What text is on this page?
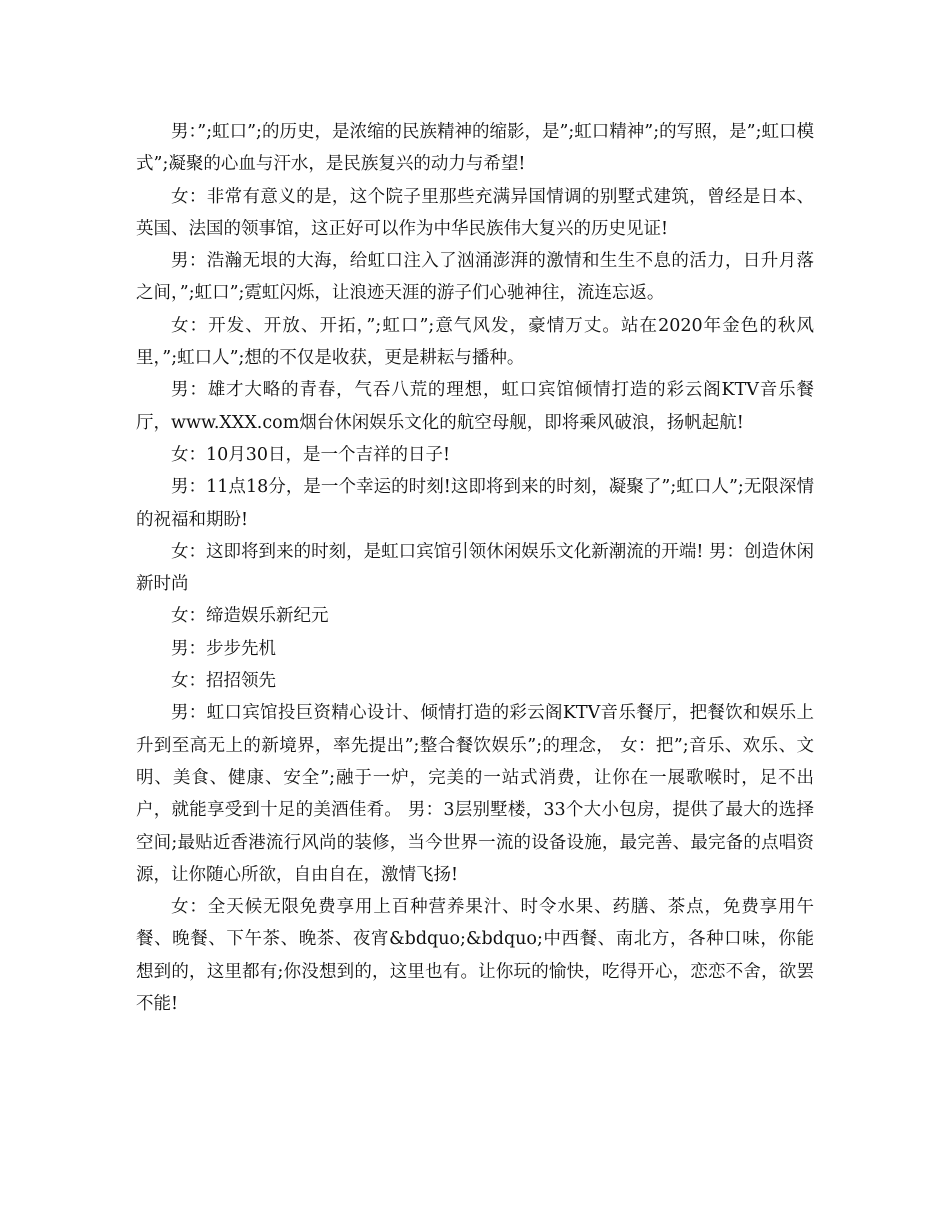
男：”;虹口”;的历史，是浓缩的民族精神的缩影，是”;虹口精神”;的写照，是”;虹口模式”;凝聚的心血与汗水，是民族复兴的动力与希望!

女：非常有意义的是，这个院子里那些充满异国情调的别墅式建筑，曾经是日本、英国、法国的领事馆，这正好可以作为中华民族伟大复兴的历史见证!

男：浩瀚无垠的大海，给虹口注入了汹涌澎湃的激情和生生不息的活力，日升月落之间，”;虹口”;霓虹闪烁，让浪迹天涯的游子们心驰神往，流连忘返。

女：开发、开放、开拓，”;虹口”;意气风发，豪情万丈。站在2020年金色的秋风里，”;虹口人”;想的不仅是收获，更是耕耘与播种。

男：雄才大略的青春，气吞八荒的理想，虹口宾馆倾情打造的彩云阁KTV音乐餐厅，www.XXX.com烟台休闲娱乐文化的航空母舰，即将乘风破浪，扬帆起航!

女：10月30日，是一个吉祥的日子!

男：11点18分，是一个幸运的时刻!这即将到来的时刻，凝聚了”;虹口人”;无限深情的祝福和期盼!

女：这即将到来的时刻，是虹口宾馆引领休闲娱乐文化新潮流的开端! 男：创造休闲新时尚

女：缔造娱乐新纪元

男：步步先机

女：招招领先

男：虹口宾馆投巨资精心设计、倾情打造的彩云阁KTV音乐餐厅，把餐饮和娱乐上升到至高无上的新境界，率先提出”;整合餐饮娱乐”;的理念， 女：把”;音乐、欢乐、文明、美食、健康、安全”;融于一炉，完美的一站式消费，让你在一展歌喉时，足不出户，就能享受到十足的美酒佳肴。 男：3层别墅楼，33个大小包房，提供了最大的选择空间;最贴近香港流行风尚的装修，当今世界一流的设备设施，最完善、最完备的点唱资源，让你随心所欲，自由自在，激情飞扬!

女：全天候无限免费享用上百种营养果汁、时令水果、药膳、茶点，免费享用午餐、晚餐、下午茶、晚茶、夜宵&bdquo;&bdquo;中西餐、南北方，各种口味，你能想到的，这里都有;你没想到的，这里也有。让你玩的愉快，吃得开心，恋恋不舍，欲罢不能!
